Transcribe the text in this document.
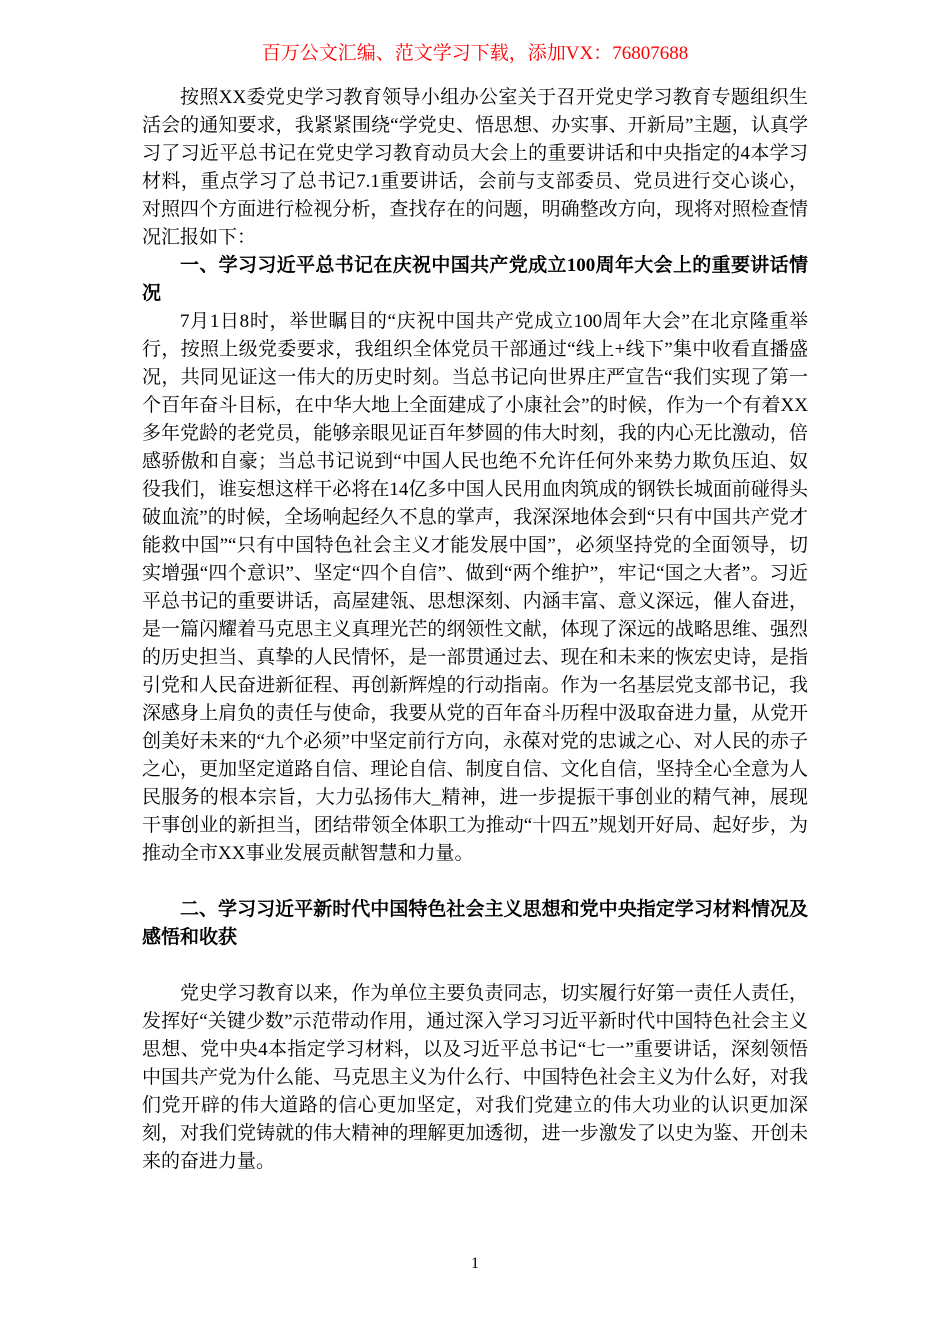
百万公文汇编、范文学习下载，添加VX：76807688

按照XX委党史学习教育领导小组办公室关于召开党史学习教育专题组织生活会的通知要求，我紧紧围绕“学党史、悟思想、办实事、开新局”主题，认真学习了习近平总书记在党史学习教育动员大会上的重要讲话和中央指定的4本学习材料，重点学习了总书记7.1重要讲话，会前与支部委员、党员进行交心谈心，对照四个方面进行检视分析，查找存在的问题，明确整改方向，现将对照检查情况汇报如下：

一、学习习近平总书记在庆祝中国共产党成立100周年大会上的重要讲话情况

7月1日8时，举世瞩目的“庆祝中国共产党成立100周年大会”在北京隆重举行，按照上级党委要求，我组织全体党员干部通过“线上+线下”集中收看直播盛况，共同见证这一伟大的历史时刻。当总书记向世界庄严宣告“我们实现了第一个百年奋斗目标，在中华大地上全面建成了小康社会”的时候，作为一个有着XX多年党龄的老党员，能够亲眼见证百年梦圆的伟大时刻，我的内心无比激动，倍感骄傲和自豪；当总书记说到“中国人民也绝不允许任何外来势力欺负压迫、奴役我们，谁妄想这样干必将在14亿多中国人民用血肉筑成的钢铁长城面前碰得头破血流”的时候，全场响起经久不息的掌声，我深深地体会到“只有中国共产党才能救中国”“只有中国特色社会主义才能发展中国”，必须坚持党的全面领导，切实增强“四个意识”、坚定“四个自信”、做到“两个维护”，牢记“国之大者”。习近平总书记的重要讲话，高屋建瓴、思想深刻、内涵丰富、意义深远，催人奋进，是一篇闪耀着马克思主义真理光芒的纲领性文献，体现了深远的战略思维、强烈的历史担当、真挚的人民情怀，是一部贯通过去、现在和未来的恢宏史诗，是指引党和人民奋进新征程、再创新辉煌的行动指南。作为一名基层党支部书记，我深感身上肩负的责任与使命，我要从党的百年奋斗历程中汲取奋进力量，从党开创美好未来的“九个必须”中坚定前行方向，永葆对党的忠诚之心、对人民的赤子之心，更加坚定道路自信、理论自信、制度自信、文化自信，坚持全心全意为人民服务的根本宗旨，大力弘扬伟大_精神，进一步提振干事创业的精气神，展现干事创业的新担当，团结带领全体职工为推动“十四五”规划开好局、起好步，为推动全市XX事业发展贡献智慧和力量。

二、学习习近平新时代中国特色社会主义思想和党中央指定学习材料情况及感悟和收获

党史学习教育以来，作为单位主要负责同志，切实履行好第一责任人责任，发挥好“关键少数”示范带动作用，通过深入学习习近平新时代中国特色社会主义思想、党中央4本指定学习材料，以及习近平总书记“七一”重要讲话，深刻领悟中国共产党为什么能、马克思主义为什么行、中国特色社会主义为什么好，对我们党开辟的伟大道路的信心更加坚定，对我们党建立的伟大功业的认识更加深刻，对我们党铸就的伟大精神的理解更加透彻，进一步激发了以史为鉴、开创未来的奋进力量。

1
